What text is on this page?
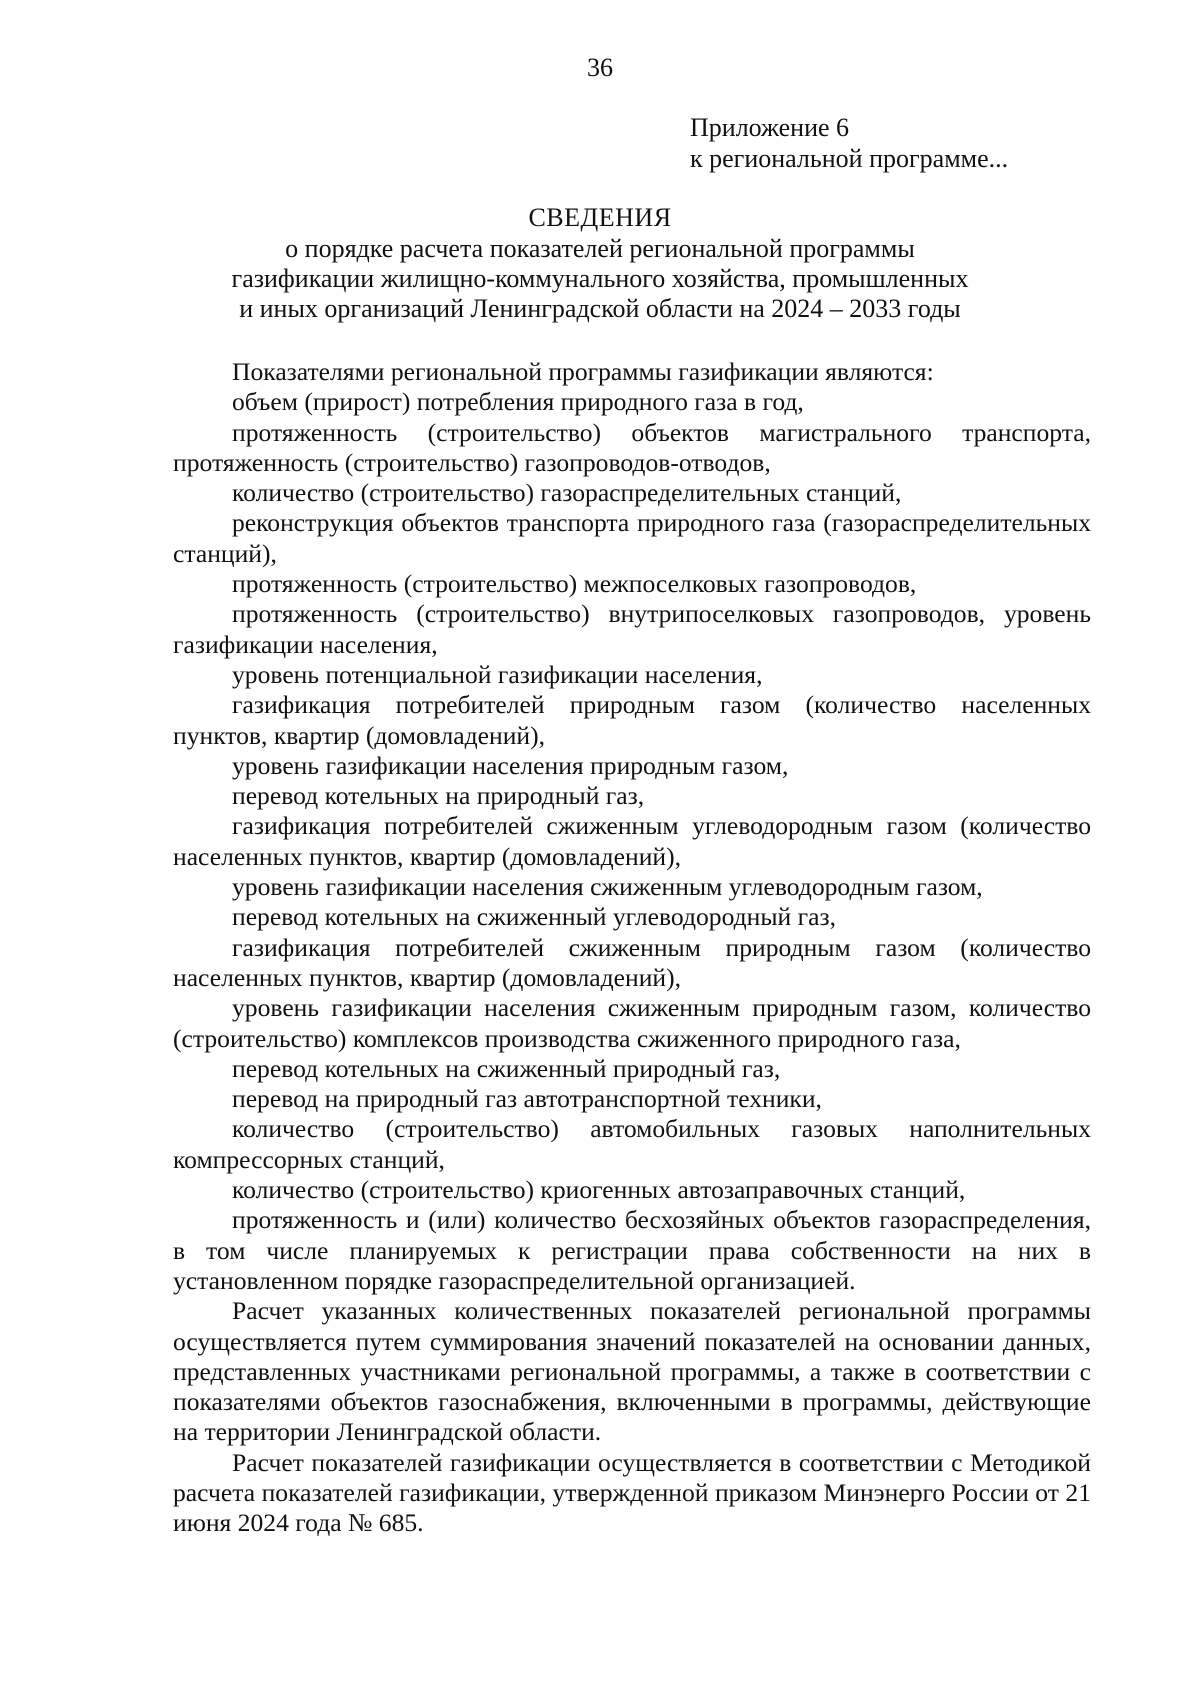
36
Приложение 6
к региональной программе...
СВЕДЕНИЯ
о порядке расчета показателей региональной программы
газификации жилищно-коммунального хозяйства, промышленных
и иных организаций Ленинградской области на 2024 – 2033 годы

Показателями региональной программы газификации являются:

объем (прирост) потребления природного газа в год,

протяженность (строительство) объектов магистрального транспорта, протяженность (строительство) газопроводов-отводов,

количество (строительство) газораспределительных станций,

реконструкция объектов транспорта природного газа (газораспределительных станций),

протяженность (строительство) межпоселковых газопроводов,

протяженность (строительство) внутрипоселковых газопроводов, уровень газификации населения,

уровень потенциальной газификации населения,

газификация потребителей природным газом (количество населенных пунктов, квартир (домовладений),

уровень газификации населения природным газом,

перевод котельных на природный газ,

газификация потребителей сжиженным углеводородным газом (количество населенных пунктов, квартир (домовладений),

уровень газификации населения сжиженным углеводородным газом,

перевод котельных на сжиженный углеводородный газ,

газификация потребителей сжиженным природным газом (количество населенных пунктов, квартир (домовладений),

уровень газификации населения сжиженным природным газом, количество (строительство) комплексов производства сжиженного природного газа,

перевод котельных на сжиженный природный газ,

перевод на природный газ автотранспортной техники,

количество (строительство) автомобильных газовых наполнительных компрессорных станций,

количество (строительство) криогенных автозаправочных станций,

протяженность и (или) количество бесхозяйных объектов газораспределения, в том числе планируемых к регистрации права собственности на них в установленном порядке газораспределительной организацией.

Расчет указанных количественных показателей региональной программы осуществляется путем суммирования значений показателей на основании данных, представленных участниками региональной программы, а также в соответствии с показателями объектов газоснабжения, включенными в программы, действующие на территории Ленинградской области.

Расчет показателей газификации осуществляется в соответствии с Методикой расчета показателей газификации, утвержденной приказом Минэнерго России от 21 июня 2024 года № 685.
